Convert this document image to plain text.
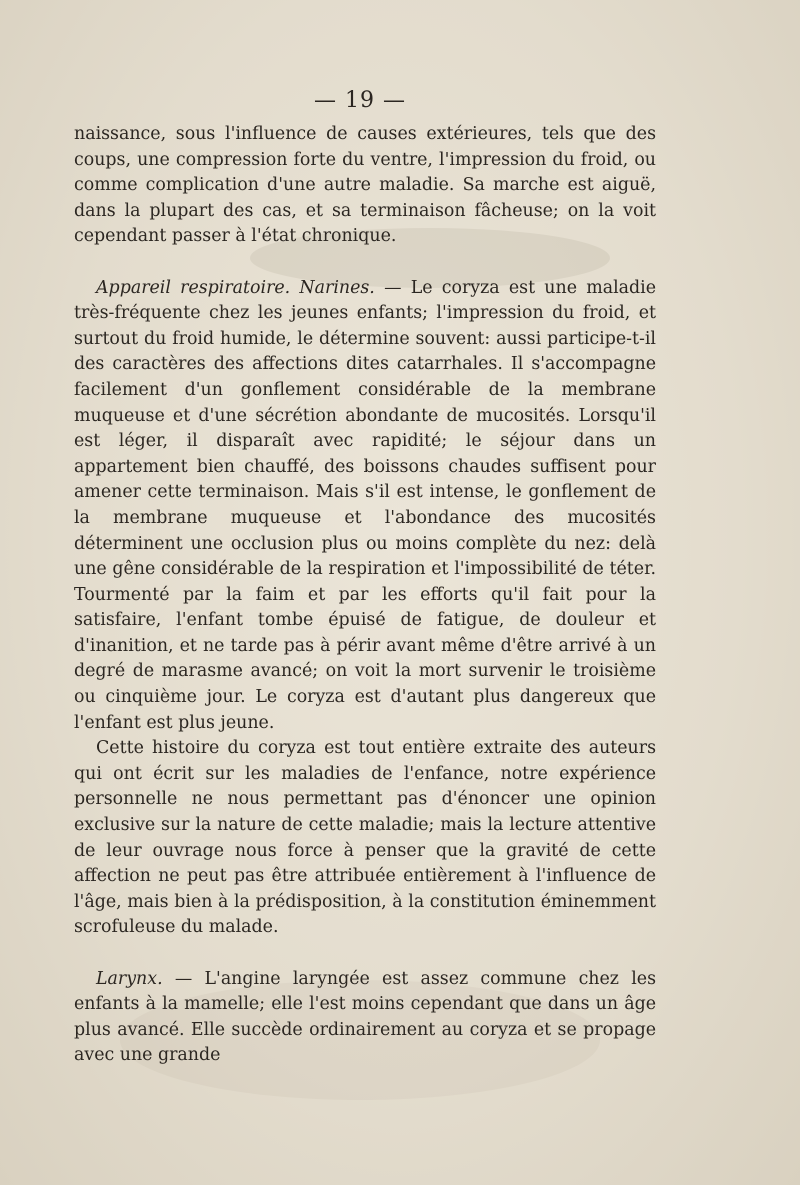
— 19 —

naissance, sous l'influence de causes extérieures, tels que des coups, une compression forte du ventre, l'impression du froid, ou comme complication d'une autre maladie. Sa marche est aiguë, dans la plupart des cas, et sa terminaison fâcheuse; on la voit cependant passer à l'état chronique.

Appareil respiratoire. Narines. — Le coryza est une maladie très-fréquente chez les jeunes enfants; l'impression du froid, et surtout du froid humide, le détermine souvent: aussi participe-t-il des caractères des affections dites catarrhales. Il s'accompagne facilement d'un gonflement considérable de la membrane muqueuse et d'une sécrétion abondante de mucosités. Lorsqu'il est léger, il disparaît avec rapidité; le séjour dans un appartement bien chauffé, des boissons chaudes suffisent pour amener cette terminaison. Mais s'il est intense, le gonflement de la membrane muqueuse et l'abondance des mucosités déterminent une occlusion plus ou moins complète du nez: delà une gêne considérable de la respiration et l'impossibilité de téter. Tourmenté par la faim et par les efforts qu'il fait pour la satisfaire, l'enfant tombe épuisé de fatigue, de douleur et d'inanition, et ne tarde pas à périr avant même d'être arrivé à un degré de marasme avancé; on voit la mort survenir le troisième ou cinquième jour. Le coryza est d'autant plus dangereux que l'enfant est plus jeune.

Cette histoire du coryza est tout entière extraite des auteurs qui ont écrit sur les maladies de l'enfance, notre expérience personnelle ne nous permettant pas d'énoncer une opinion exclusive sur la nature de cette maladie; mais la lecture attentive de leur ouvrage nous force à penser que la gravité de cette affection ne peut pas être attribuée entièrement à l'influence de l'âge, mais bien à la prédisposition, à la constitution éminemment scrofuleuse du malade.

Larynx. — L'angine laryngée est assez commune chez les enfants à la mamelle; elle l'est moins cependant que dans un âge plus avancé. Elle succède ordinairement au coryza et se propage avec une grande
